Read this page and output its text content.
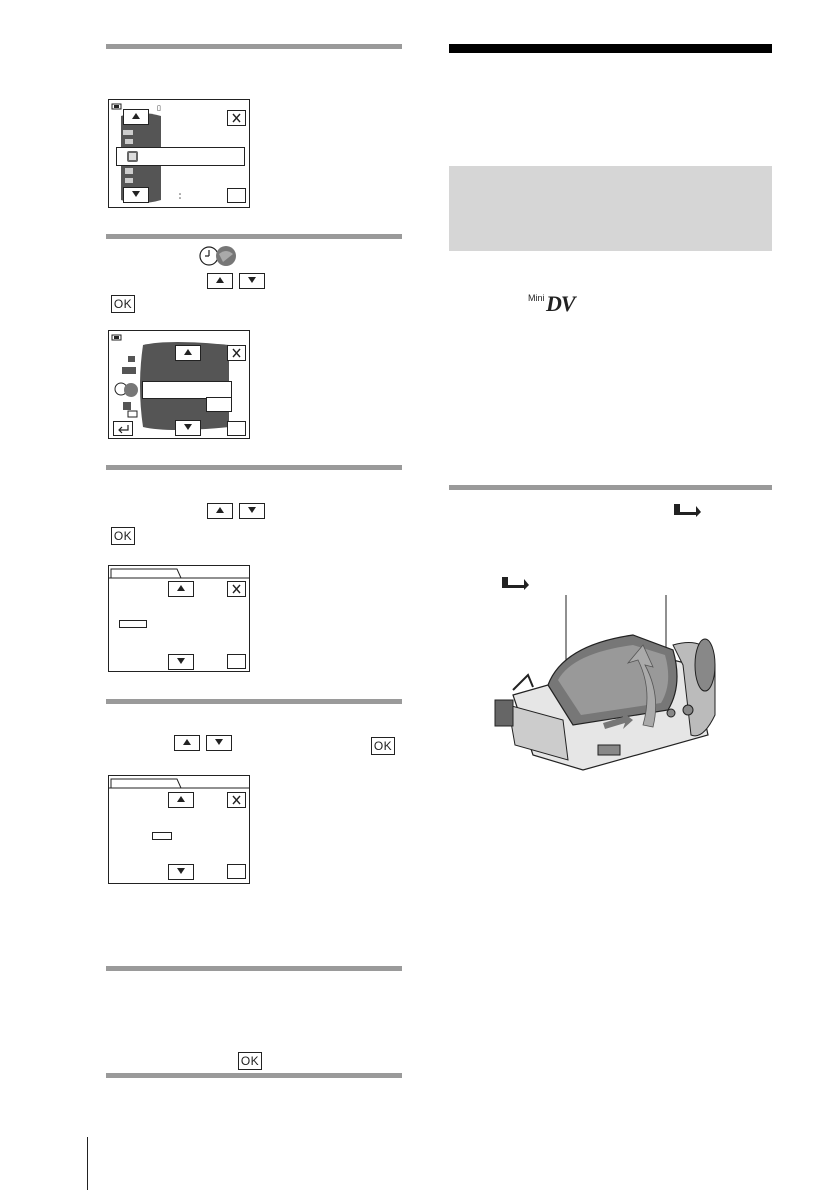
▯
OK
OK
OK
OK
Mini DV
